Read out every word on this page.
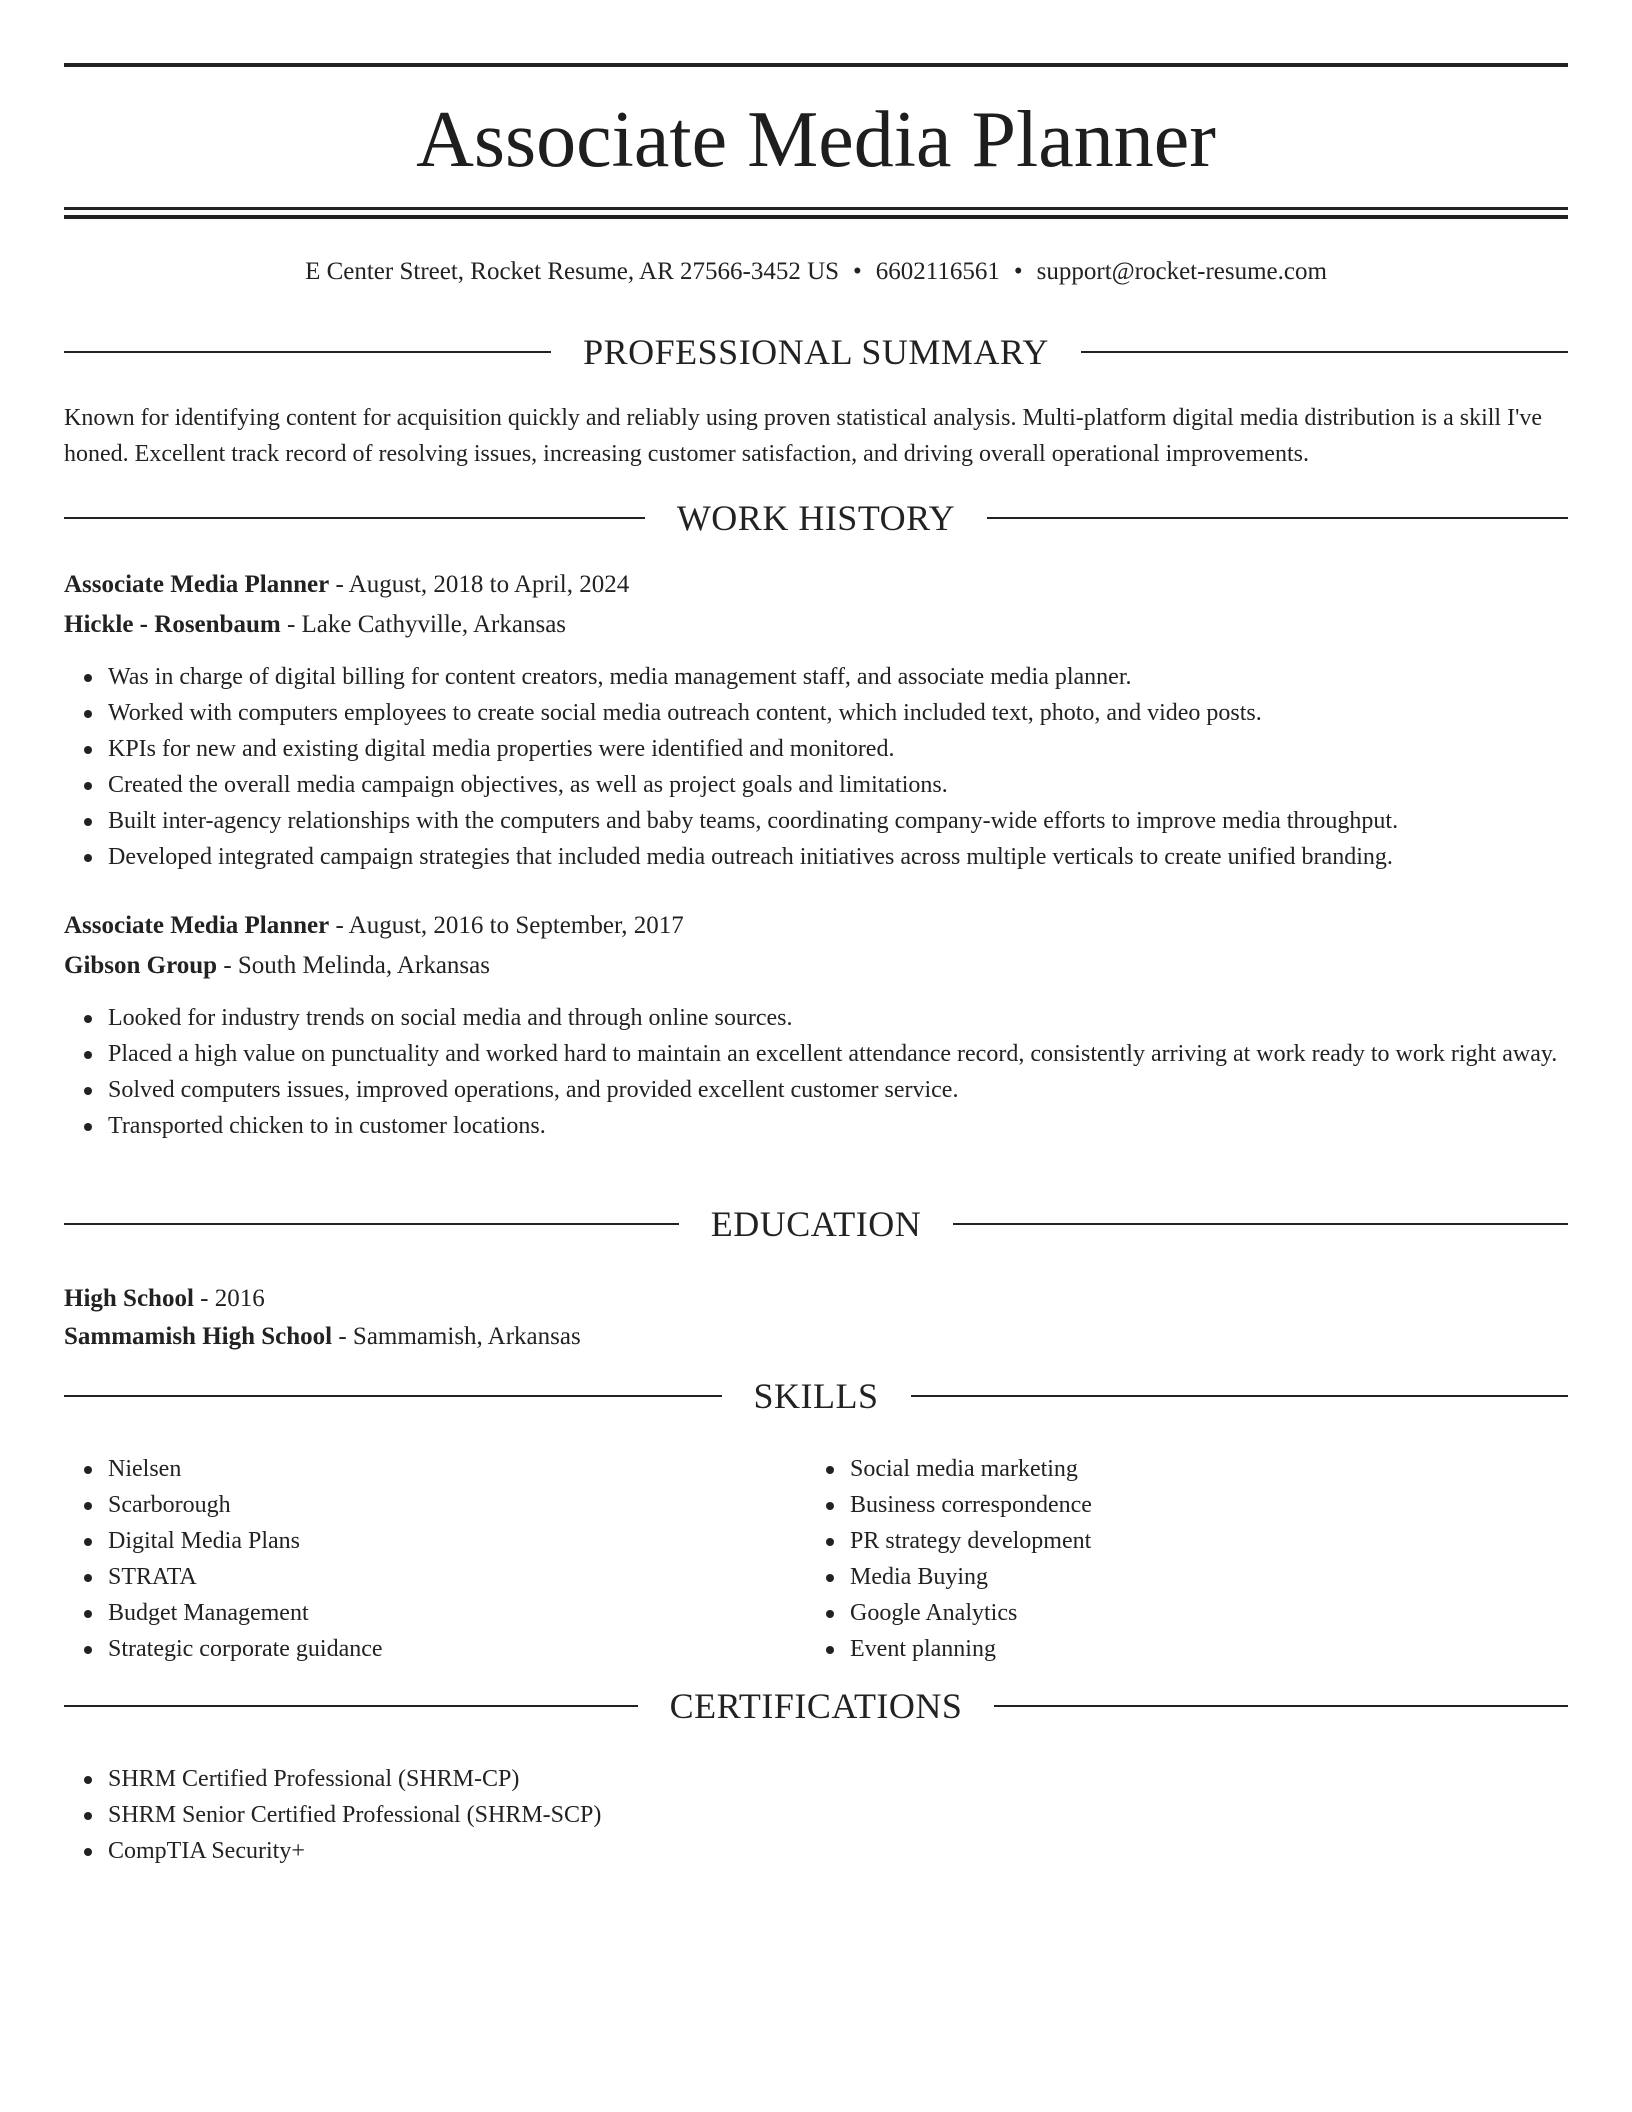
Associate Media Planner
E Center Street, Rocket Resume, AR 27566-3452 US • 6602116561 • support@rocket-resume.com
PROFESSIONAL SUMMARY

Known for identifying content for acquisition quickly and reliably using proven statistical analysis. Multi-platform digital media distribution is a skill I've honed. Excellent track record of resolving issues, increasing customer satisfaction, and driving overall operational improvements.

WORK HISTORY
Associate Media Planner - August, 2018 to April, 2024
Hickle - Rosenbaum - Lake Cathyville, Arkansas
Was in charge of digital billing for content creators, media management staff, and associate media planner.
Worked with computers employees to create social media outreach content, which included text, photo, and video posts.
KPIs for new and existing digital media properties were identified and monitored.
Created the overall media campaign objectives, as well as project goals and limitations.
Built inter-agency relationships with the computers and baby teams, coordinating company-wide efforts to improve media throughput.
Developed integrated campaign strategies that included media outreach initiatives across multiple verticals to create unified branding.
Associate Media Planner - August, 2016 to September, 2017
Gibson Group - South Melinda, Arkansas
Looked for industry trends on social media and through online sources.
Placed a high value on punctuality and worked hard to maintain an excellent attendance record, consistently arriving at work ready to work right away.
Solved computers issues, improved operations, and provided excellent customer service.
Transported chicken to in customer locations.
EDUCATION
High School - 2016
Sammamish High School - Sammamish, Arkansas
SKILLS
Nielsen
Scarborough
Digital Media Plans
STRATA
Budget Management
Strategic corporate guidance
Social media marketing
Business correspondence
PR strategy development
Media Buying
Google Analytics
Event planning
CERTIFICATIONS
SHRM Certified Professional (SHRM-CP)
SHRM Senior Certified Professional (SHRM-SCP)
CompTIA Security+
